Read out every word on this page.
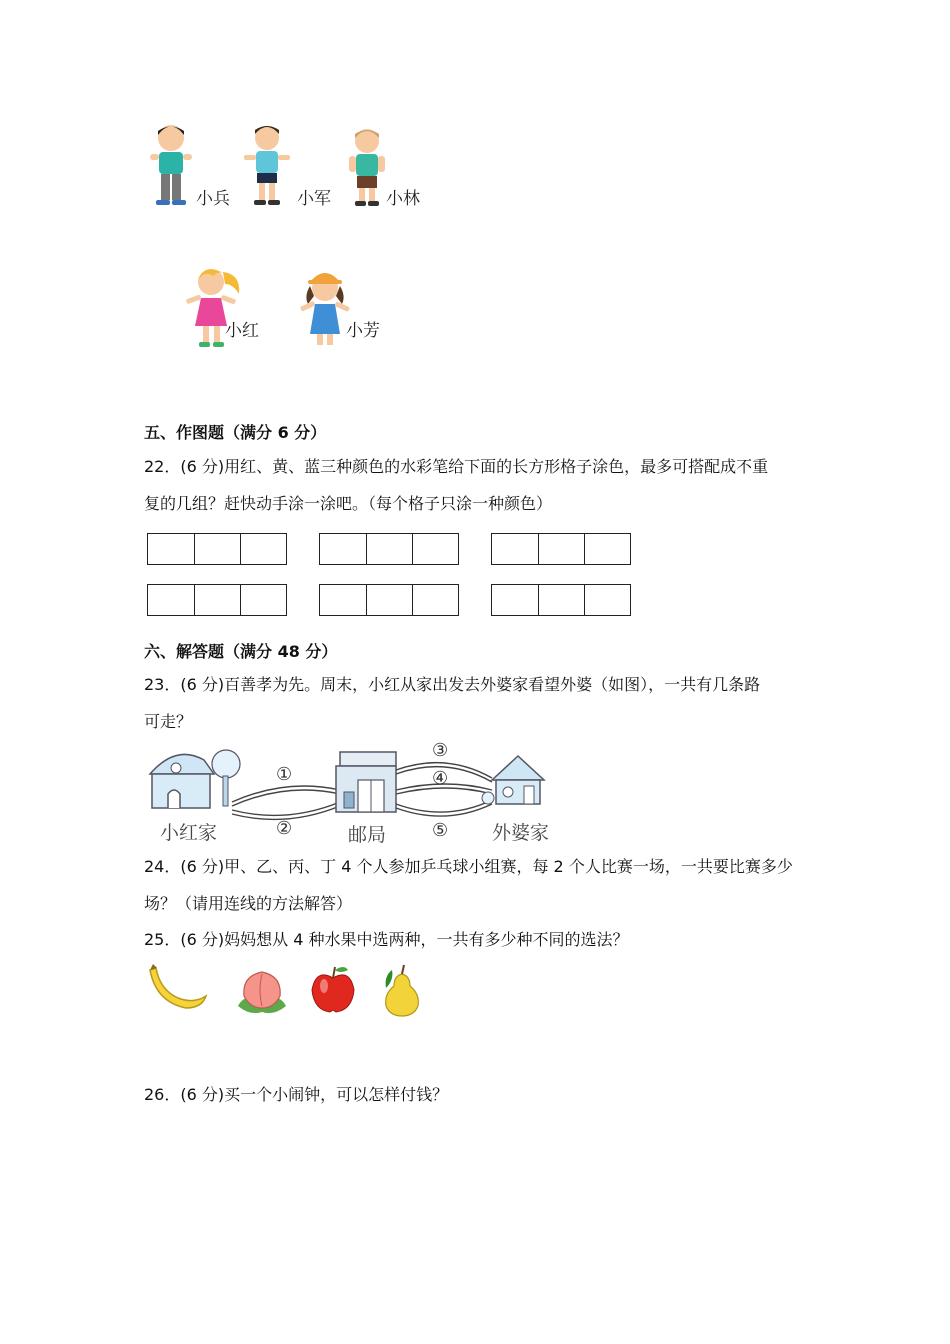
小兵	小军	小林
小红	小芳
五、作图题（满分 6 分）
22．(6 分)用红、黄、蓝三种颜色的水彩笔给下面的长方形格子涂色，最多可搭配成不重
复的几组？赶快动手涂一涂吧。（每个格子只涂一种颜色）
六、解答题（满分 48 分）
23．(6 分)百善孝为先。周末，小红从家出发去外婆家看望外婆（如图），一共有几条路
可走？
①
②
③
④
⑤
小红家	邮局	外婆家
24．(6 分)甲、乙、丙、丁 4 个人参加乒乓球小组赛，每 2 个人比赛一场，一共要比赛多少
场？（请用连线的方法解答）
25．(6 分)妈妈想从 4 种水果中选两种，一共有多少种不同的选法？
26．(6 分)买一个小闹钟，可以怎样付钱？
